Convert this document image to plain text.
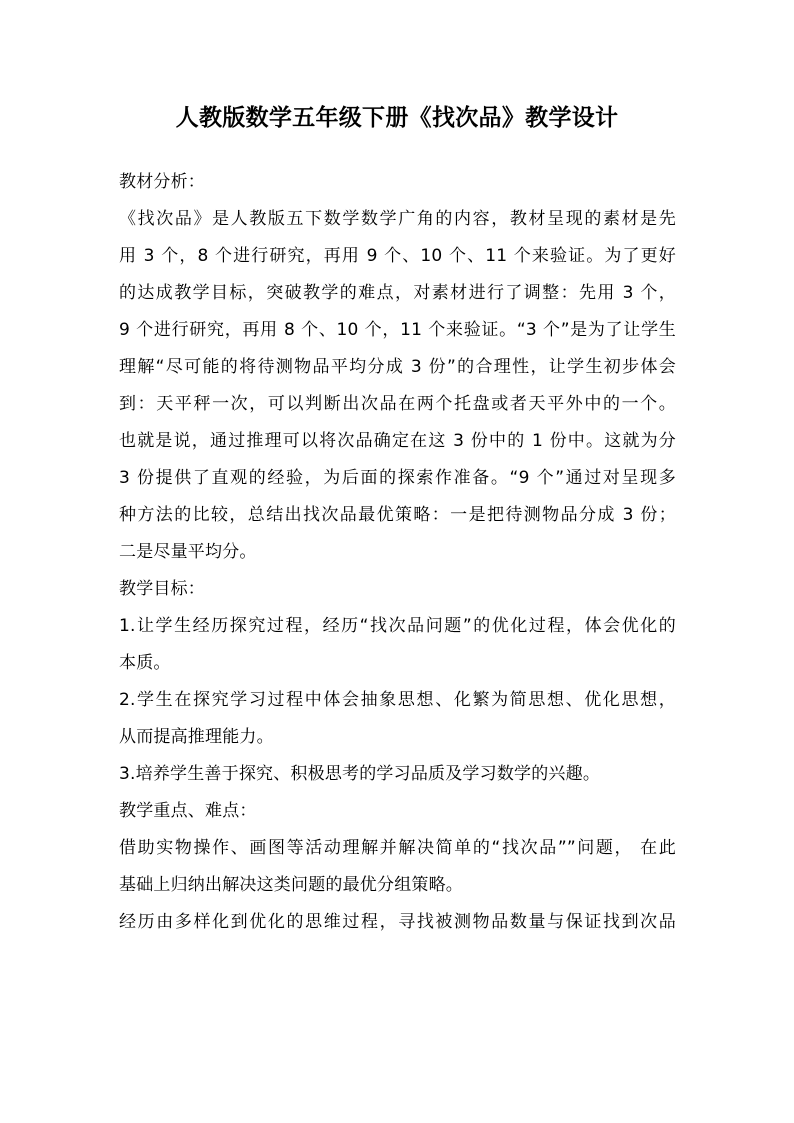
人教版数学五年级下册《找次品》教学设计
教材分析：
《找次品》是人教版五下数学数学广角的内容，教材呈现的素材是先
用 3 个，8 个进行研究，再用 9 个、10 个、11 个来验证。为了更好
的达成教学目标，突破教学的难点，对素材进行了调整：先用 3 个，
9 个进行研究，再用 8 个、10 个，11 个来验证。“3 个”是为了让学生
理解“尽可能的将待测物品平均分成 3 份”的合理性，让学生初步体会
到：天平秤一次，可以判断出次品在两个托盘或者天平外中的一个。
也就是说，通过推理可以将次品确定在这 3 份中的 1 份中。这就为分
3 份提供了直观的经验，为后面的探索作准备。“9 个”通过对呈现多
种方法的比较，总结出找次品最优策略：一是把待测物品分成 3 份；
二是尽量平均分。
教学目标：
1.让学生经历探究过程，经历“找次品问题”的优化过程，体会优化的
本质。
2.学生在探究学习过程中体会抽象思想、化繁为简思想、优化思想，
从而提高推理能力。
3.培养学生善于探究、积极思考的学习品质及学习数学的兴趣。
教学重点、难点：
借助实物操作、画图等活动理解并解决简单的“找次品””问题， 在此
基础上归纳出解决这类问题的最优分组策略。
经历由多样化到优化的思维过程，寻找被测物品数量与保证找到次品
